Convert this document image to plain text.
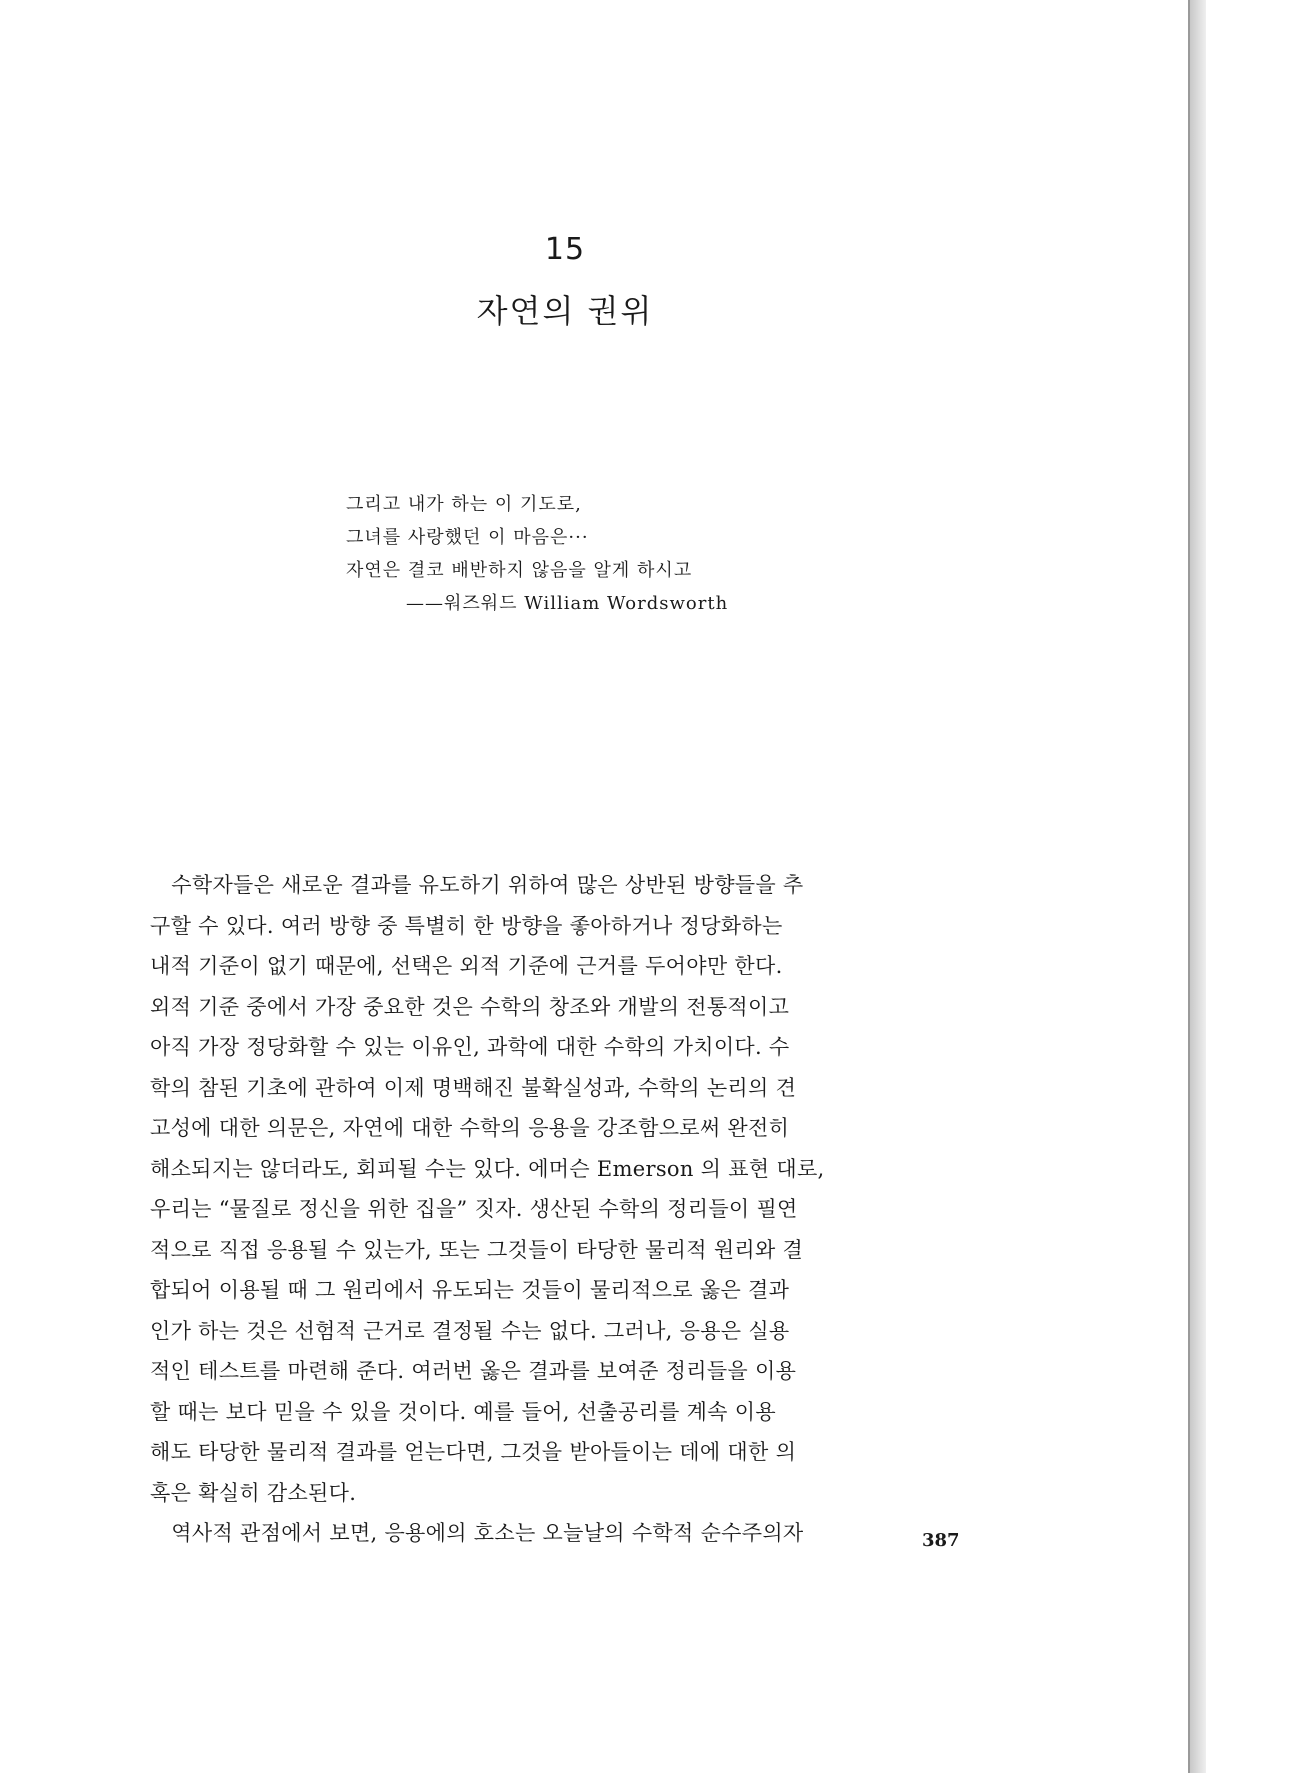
15
자연의 권위
그리고 내가 하는 이 기도로,
그녀를 사랑했던 이 마음은···
자연은 결코 배반하지 않음을 알게 하시고
——워즈워드 William Wordsworth
　수학자들은 새로운 결과를 유도하기 위하여 많은 상반된 방향들을 추
구할 수 있다. 여러 방향 중 특별히 한 방향을 좋아하거나 정당화하는
내적 기준이 없기 때문에, 선택은 외적 기준에 근거를 두어야만 한다.
외적 기준 중에서 가장 중요한 것은 수학의 창조와 개발의 전통적이고
아직 가장 정당화할 수 있는 이유인, 과학에 대한 수학의 가치이다. 수
학의 참된 기초에 관하여 이제 명백해진 불확실성과, 수학의 논리의 견
고성에 대한 의문은, 자연에 대한 수학의 응용을 강조함으로써 완전히
해소되지는 않더라도, 회피될 수는 있다. 에머슨 Emerson 의 표현 대로,
우리는 “물질로 정신을 위한 집을” 짓자. 생산된 수학의 정리들이 필연
적으로 직접 응용될 수 있는가, 또는 그것들이 타당한 물리적 원리와 결
합되어 이용될 때 그 원리에서 유도되는 것들이 물리적으로 옳은 결과
인가 하는 것은 선험적 근거로 결정될 수는 없다. 그러나, 응용은 실용
적인 테스트를 마련해 준다. 여러번 옳은 결과를 보여준 정리들을 이용
할 때는 보다 믿을 수 있을 것이다. 예를 들어, 선출공리를 계속 이용
해도 타당한 물리적 결과를 얻는다면, 그것을 받아들이는 데에 대한 의
혹은 확실히 감소된다.
　역사적 관점에서 보면, 응용에의 호소는 오늘날의 수학적 순수주의자	387
